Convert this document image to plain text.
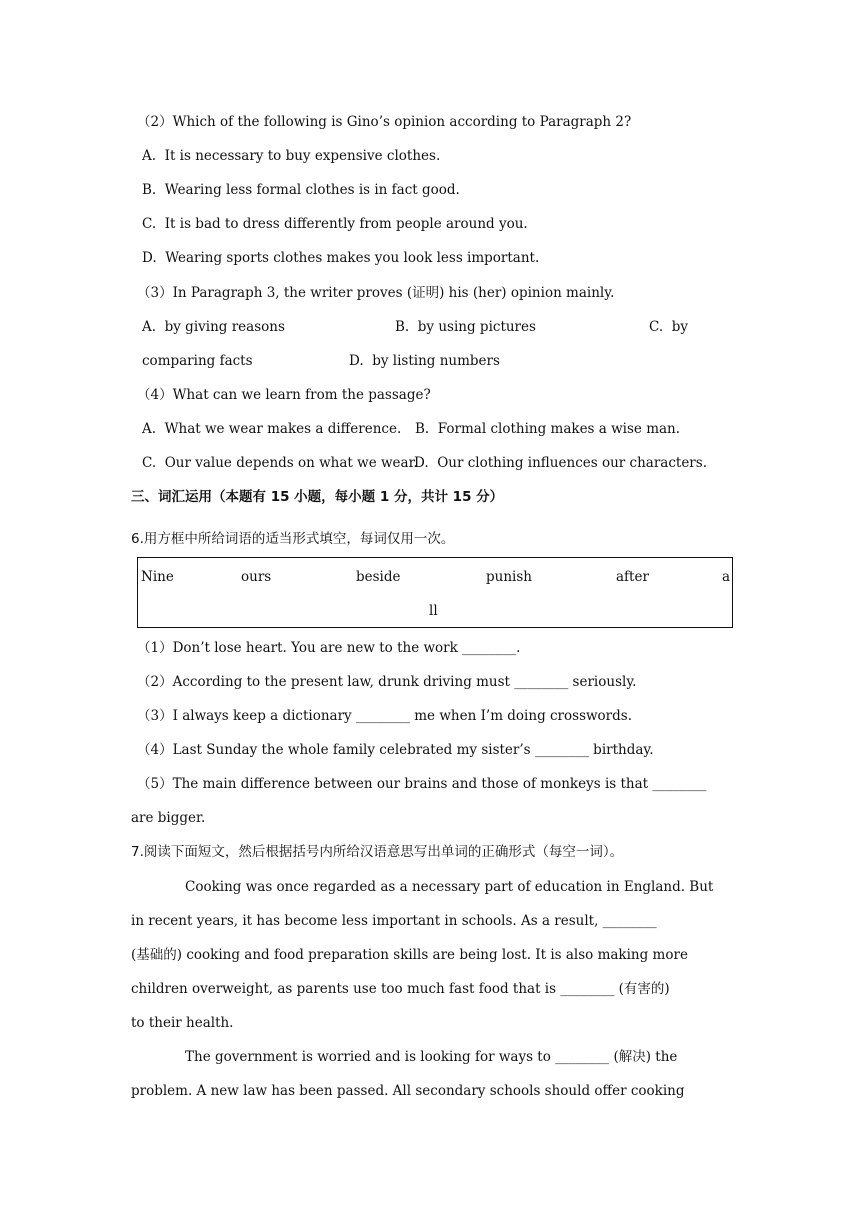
（2）Which of the following is Gino’s opinion according to Paragraph 2?
A.  It is necessary to buy expensive clothes.
B.  Wearing less formal clothes is in fact good.
C.  It is bad to dress differently from people around you.
D.  Wearing sports clothes makes you look less important.
（3）In Paragraph 3, the writer proves (证明) his (her) opinion mainly.
A.  by giving reasons	B.  by using pictures	C.  by
comparing facts	D.  by listing numbers
（4）What can we learn from the passage?
A.  What we wear makes a difference. B.  Formal clothing makes a wise man.
C.  Our value depends on what we wear.
D.  Our clothing influences our characters.
三、词汇运用（本题有 15 小题，每小题 1 分，共计 15 分）
6.用方框中所给词语的适当形式填空，每词仅用一次。
Nine	ours	beside	punish	after	a
ll
（1）Don’t lose heart. You are new to the work ________.
（2）According to the present law, drunk driving must ________ seriously.
（3）I always keep a dictionary ________ me when I’m doing crosswords.
（4）Last Sunday the whole family celebrated my sister’s ________ birthday.
（5）The main difference between our brains and those of monkeys is that ________
are bigger.
7.阅读下面短文，然后根据括号内所给汉语意思写出单词的正确形式（每空一词）。
Cooking was once regarded as a necessary part of education in England. But
in recent years, it has become less important in schools. As a result, ________
(基础的) cooking and food preparation skills are being lost. It is also making more
children overweight, as parents use too much fast food that is ________ (有害的)
to their health.
The government is worried and is looking for ways to ________ (解决) the
problem. A new law has been passed. All secondary schools should offer cooking
